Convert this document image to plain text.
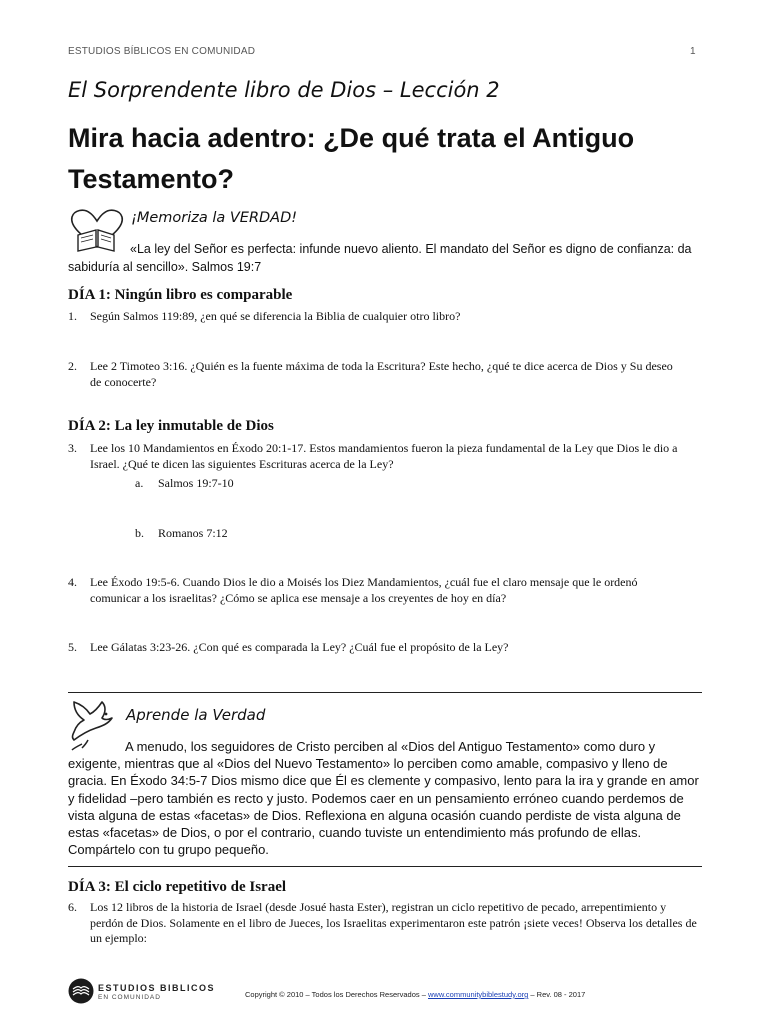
ESTUDIOS BÍBLICOS EN COMUNIDAD	1
El Sorprendente libro de Dios – Lección 2
Mira hacia adentro: ¿De qué trata el Antiguo Testamento?
¡Memoriza la VERDAD!
«La ley del Señor es perfecta: infunde nuevo aliento. El mandato del Señor es digno de confianza: da sabiduría al sencillo». Salmos 19:7
DÍA 1: Ningún libro es comparable
1. Según Salmos 119:89, ¿en qué se diferencia la Biblia de cualquier otro libro?
2. Lee 2 Timoteo 3:16. ¿Quién es la fuente máxima de toda la Escritura? Este hecho, ¿qué te dice acerca de Dios y Su deseo de conocerte?
DÍA 2: La ley inmutable de Dios
3. Lee los 10 Mandamientos en Éxodo 20:1-17. Estos mandamientos fueron la pieza fundamental de la Ley que Dios le dio a Israel. ¿Qué te dicen las siguientes Escrituras acerca de la Ley?
a. Salmos 19:7-10
b. Romanos 7:12
4. Lee Éxodo 19:5-6. Cuando Dios le dio a Moisés los Diez Mandamientos, ¿cuál fue el claro mensaje que le ordenó comunicar a los israelitas? ¿Cómo se aplica ese mensaje a los creyentes de hoy en día?
5. Lee Gálatas 3:23-26. ¿Con qué es comparada la Ley? ¿Cuál fue el propósito de la Ley?
Aprende la Verdad
A menudo, los seguidores de Cristo perciben al «Dios del Antiguo Testamento» como duro y exigente, mientras que al «Dios del Nuevo Testamento» lo perciben como amable, compasivo y lleno de gracia. En Éxodo 34:5-7 Dios mismo dice que Él es clemente y compasivo, lento para la ira y grande en amor y fidelidad –pero también es recto y justo. Podemos caer en un pensamiento erróneo cuando perdemos de vista alguna de estas «facetas» de Dios. Reflexiona en alguna ocasión cuando perdiste de vista alguna de estas «facetas» de Dios, o por el contrario, cuando tuviste un entendimiento más profundo de ellas. Compártelo con tu grupo pequeño.
DÍA 3: El ciclo repetitivo de Israel
6. Los 12 libros de la historia de Israel (desde Josué hasta Ester), registran un ciclo repetitivo de pecado, arrepentimiento y perdón de Dios. Solamente en el libro de Jueces, los Israelitas experimentaron este patrón ¡siete veces! Observa los detalles de un ejemplo:
ESTUDIOS BIBLICOS
EN COMUNIDAD	Copyright © 2010 – Todos los Derechos Reservados – www.communitybiblestudy.org – Rev. 08 - 2017
